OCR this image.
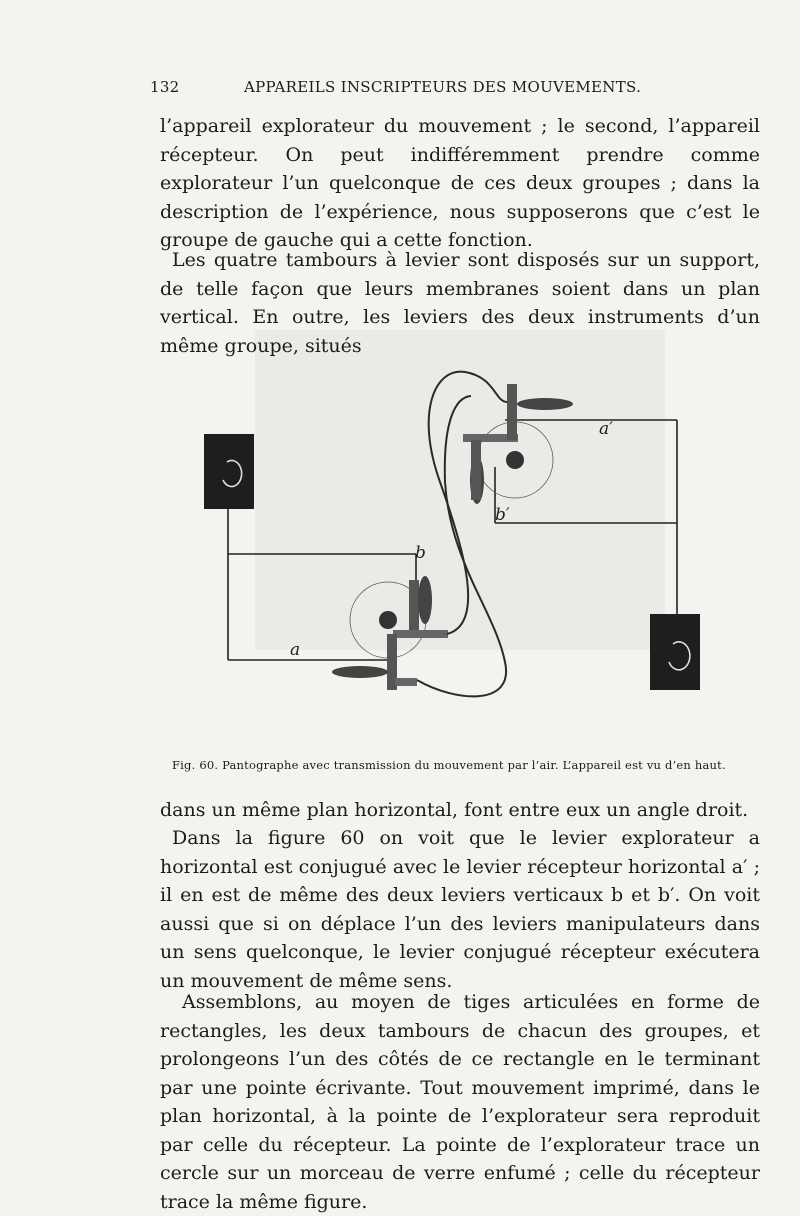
132	APPAREILS INSCRIPTEURS DES MOUVEMENTS.

l’appareil explorateur du mouvement ; le second, l’appareil récepteur. On peut indifféremment prendre comme explorateur l’un quelconque de ces deux groupes ; dans la description de l’expérience, nous supposerons que c’est le groupe de gauche qui a cette fonction.

Les quatre tambours à levier sont disposés sur un support, de telle façon que leurs membranes soient dans un plan vertical. En outre, les leviers des deux instruments d’un même groupe, situés

a
a′
b
b′
Fig. 60. Pantographe avec transmission du mouvement par l’air. L’appareil est vu d’en haut.

dans un même plan horizontal, font entre eux un angle droit.

Dans la figure 60 on voit que le levier explorateur a horizontal est conjugué avec le levier récepteur horizontal a′ ; il en est de même des deux leviers verticaux b et b′. On voit aussi que si on déplace l’un des leviers manipulateurs dans un sens quelconque, le levier conjugué récepteur exécutera un mouvement de même sens.

Assemblons, au moyen de tiges articulées en forme de rectangles, les deux tambours de chacun des groupes, et prolongeons l’un des côtés de ce rectangle en le terminant par une pointe écrivante. Tout mouvement imprimé, dans le plan horizontal, à la pointe de l’explorateur sera reproduit par celle du récepteur. La pointe de l’explorateur trace un cercle sur un morceau de verre enfumé ; celle du récepteur trace la même figure.
